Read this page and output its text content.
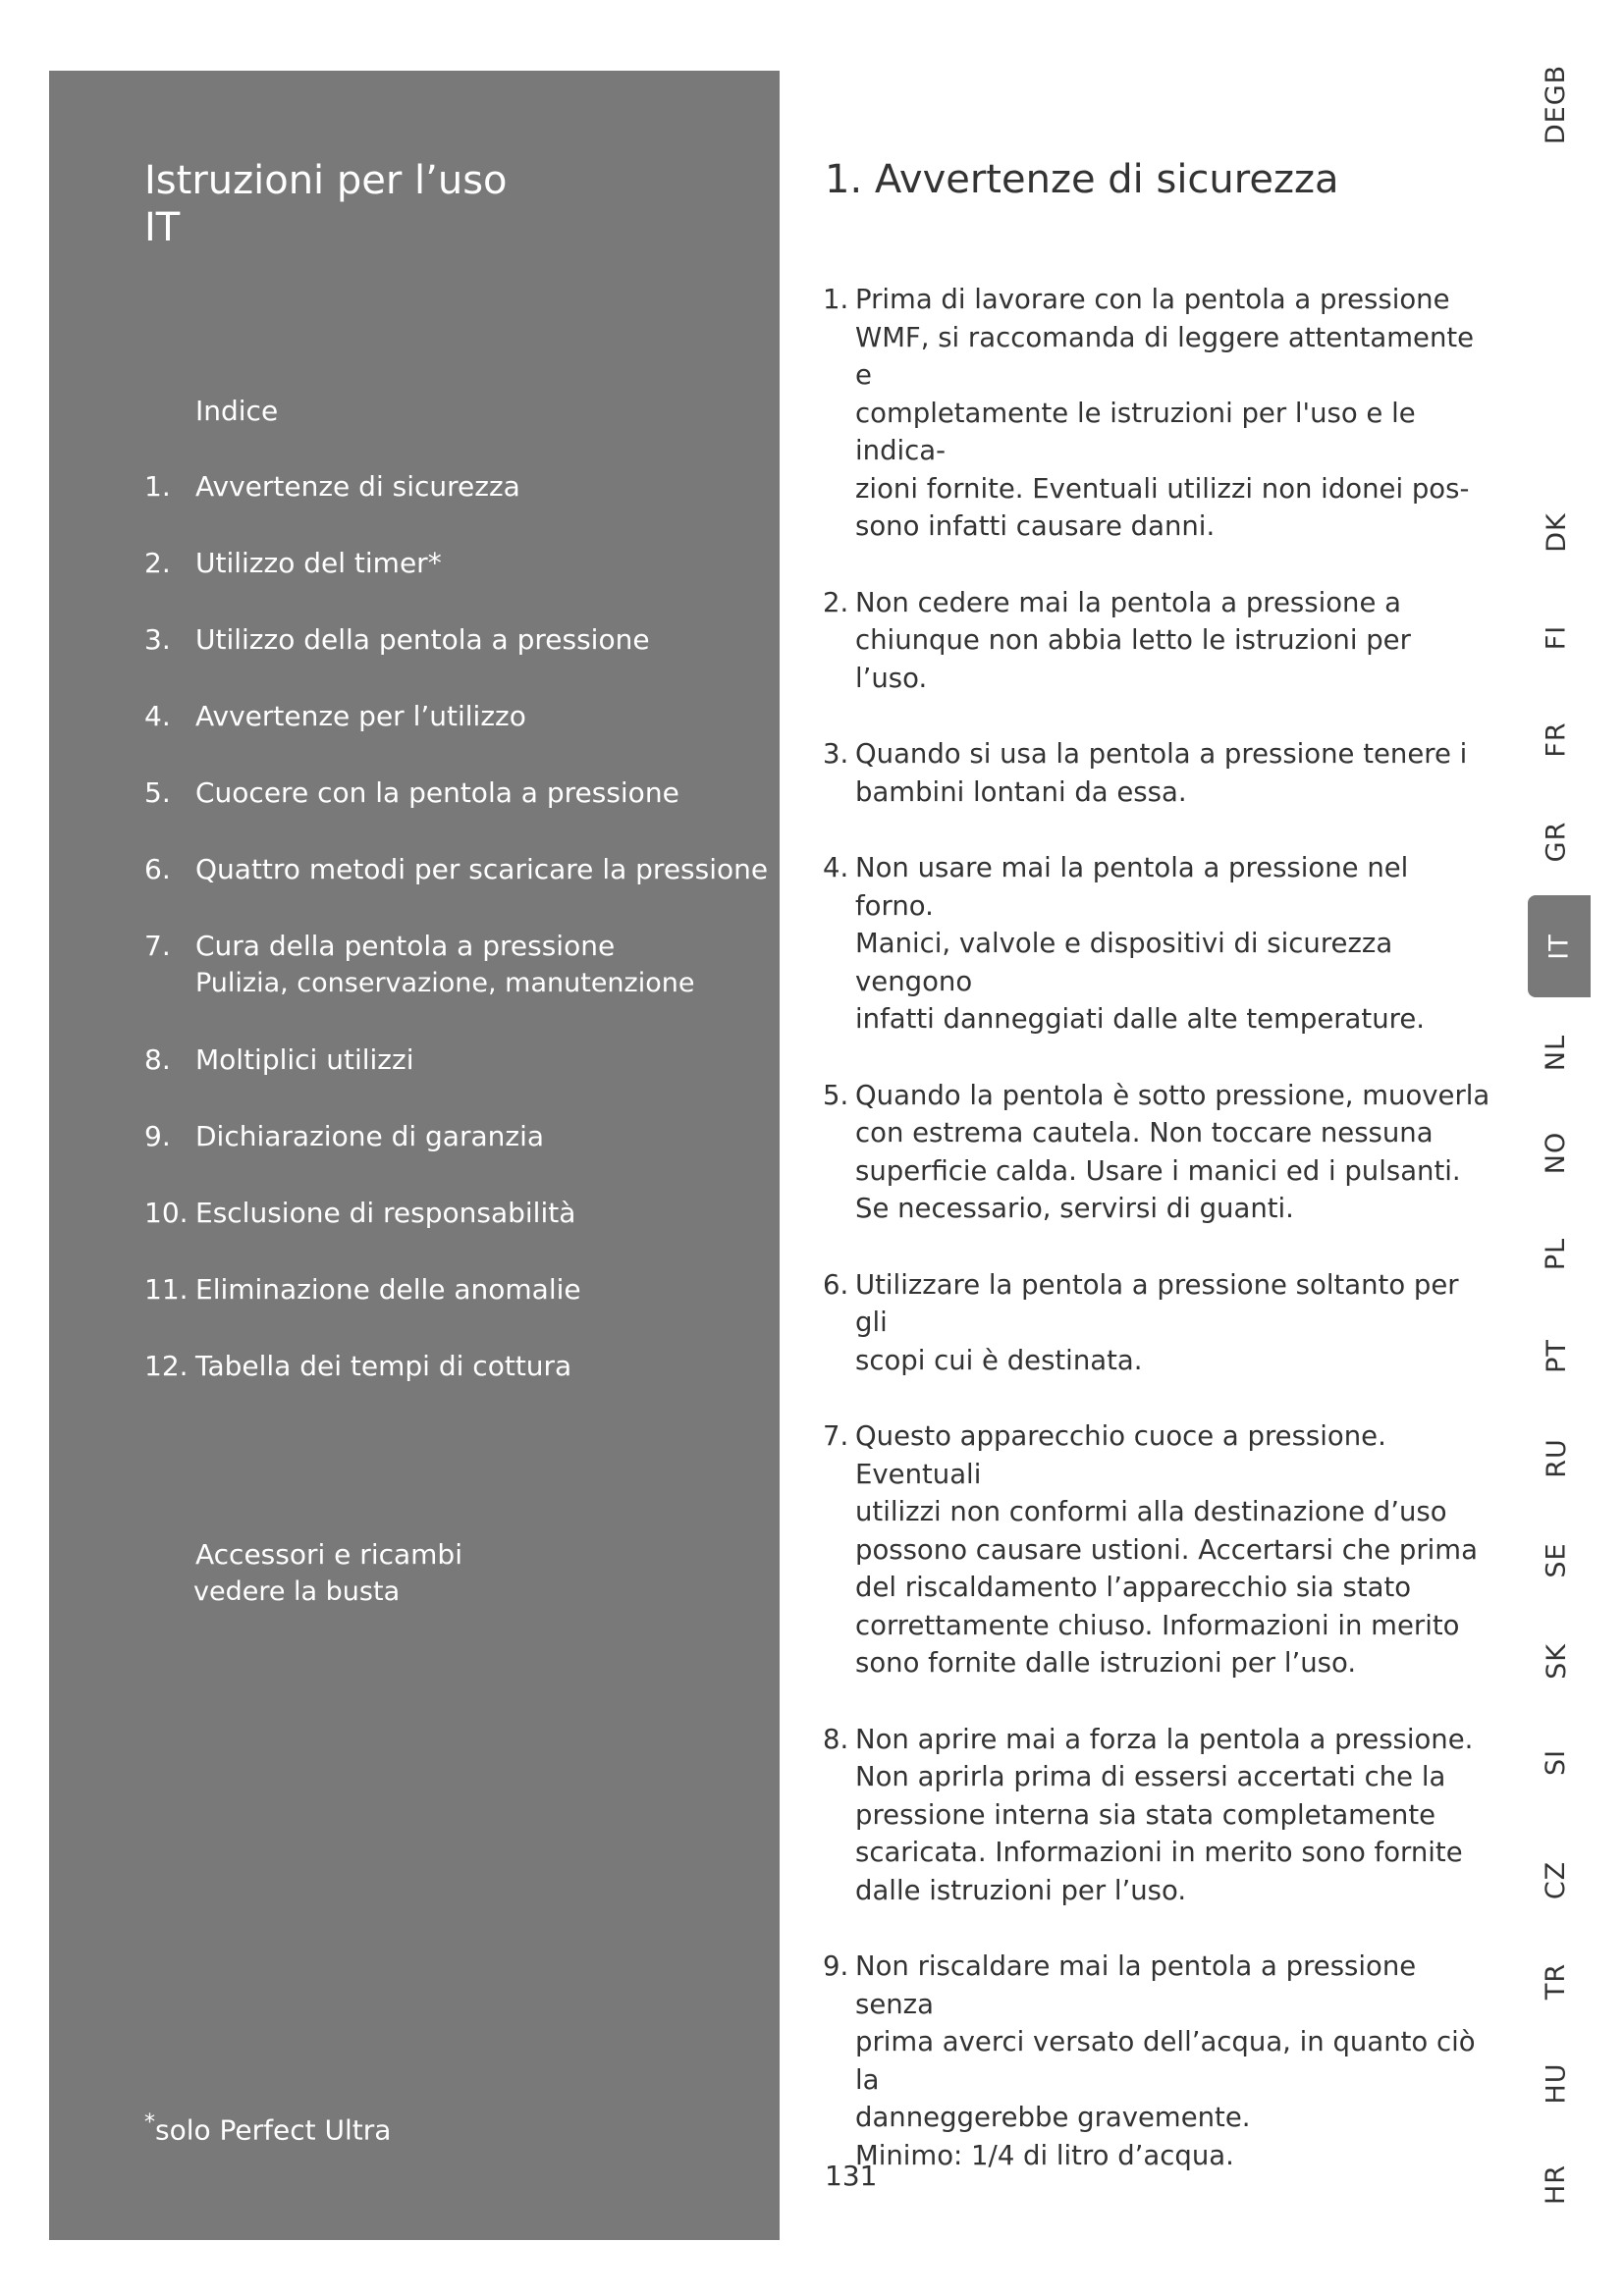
Istruzioni per l’uso
IT
Indice
1. Avvertenze di sicurezza
2. Utilizzo del timer*
3. Utilizzo della pentola a pressione
4. Avvertenze per l’utilizzo
5. Cuocere con la pentola a pressione
6. Quattro metodi per scaricare la pressione
7. Cura della pentola a pressione
Pulizia, conservazione, manutenzione
8. Moltiplici utilizzi
9. Dichiarazione di garanzia
10. Esclusione di responsabilità
11. Eliminazione delle anomalie
12. Tabella dei tempi di cottura
Accessori e ricambi
vedere la busta
*solo Perfect Ultra
1. Avvertenze di sicurezza
1. Prima di lavorare con la pentola a pressione
WMF, si raccomanda di leggere attentamente e
completamente le istruzioni per l'uso e le indica-
zioni fornite. Eventuali utilizzi non idonei pos-
sono infatti causare danni.
2. Non cedere mai la pentola a pressione a
chiunque non abbia letto le istruzioni per l’uso.
3. Quando si usa la pentola a pressione tenere i
bambini lontani da essa.
4. Non usare mai la pentola a pressione nel forno.
Manici, valvole e dispositivi di sicurezza vengono
infatti danneggiati dalle alte temperature.
5. Quando la pentola è sotto pressione, muoverla
con estrema cautela. Non toccare nessuna
superficie calda. Usare i manici ed i pulsanti.
Se necessario, servirsi di guanti.
6. Utilizzare la pentola a pressione soltanto per gli
scopi cui è destinata.
7. Questo apparecchio cuoce a pressione. Eventuali
utilizzi non conformi alla destinazione d’uso
possono causare ustioni. Accertarsi che prima
del riscaldamento l’apparecchio sia stato
correttamente chiuso. Informazioni in merito
sono fornite dalle istruzioni per l’uso.
8. Non aprire mai a forza la pentola a pressione.
Non aprirla prima di essersi accertati che la
pressione interna sia stata completamente
scaricata. Informazioni in merito sono fornite
dalle istruzioni per l’uso.
9. Non riscaldare mai la pentola a pressione senza
prima averci versato dell’acqua, in quanto ciò la
danneggerebbe gravemente.
Minimo: 1/4 di litro d’acqua.
131
DEGB
DK
FI
FR
GR
IT
NL
NO
PL
PT
RU
SE
SK
SI
CZ
TR
HU
HR
